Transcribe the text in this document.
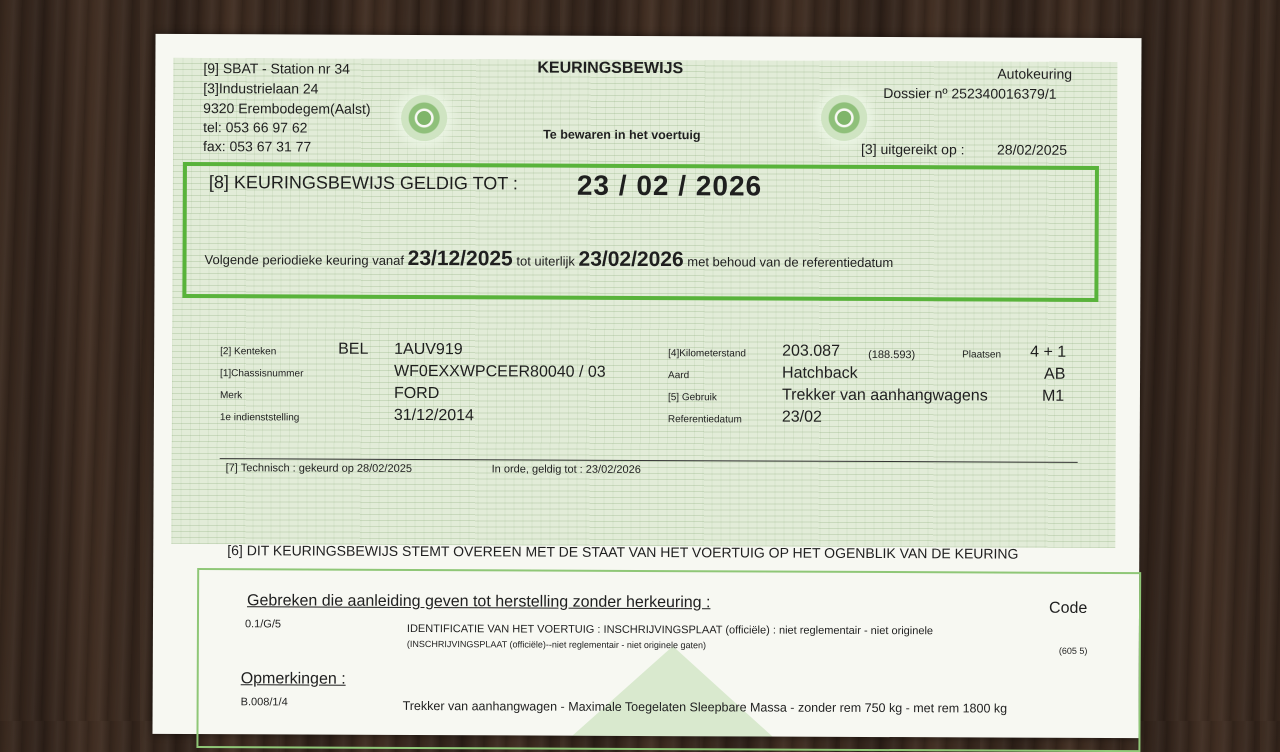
[9] SBAT - Station nr 34
[3]Industrielaan 24
9320 Erembodegem(Aalst)
tel: 053 66 97 62
fax: 053 67 31 77
KEURINGSBEWIJS
Te bewaren in het voertuig
Autokeuring
Dossier nº 25234001637​9/1
[3] uitgereikt op : 28/02/2025
[8] KEURINGSBEWIJS GELDIG TOT : 23 / 02 / 2026
Volgende periodieke keuring vanaf 23/12/2025 tot uiterlijk 23/02/2026 met behoud van de referentiedatum
[2] Kenteken	BEL 1AUV919
[1]Chassisnummer	WF0EXXWPCEER80040 / 03
Merk	FORD
1e indienststelling	31/12/2014
[4]Kilometerstand 203.087	(188.593)	Plaatsen 4 + 1
Aard	Hatchback	AB
[5] Gebruik	Trekker van aanhangwagens	M1
Referentiedatum	23/02
[7] Technisch : gekeurd op 28/02/2025	In orde, geldig tot : 23/02/2026
[6] DIT KEURINGSBEWIJS STEMT OVEREEN MET DE STAAT VAN HET VOERTUIG OP HET OGENBLIK VAN DE KEURING
Gebreken die aanleiding geven tot herstelling zonder herkeuring :	Code
0.1/G/5	IDENTIFICATIE VAN HET VOERTUIG : INSCHRIJVINGSPLAAT (officiële) : niet reglementair - niet originele
(INSCHRIJVINGSPLAAT (officiële)--niet reglementair - niet originele gaten)
(605 5)
Opmerkingen :
B.008/1/4	Trekker van aanhangwagen - Maximale Toegelaten Sleepbare Massa - zonder rem 750 kg - met rem 1800 kg
